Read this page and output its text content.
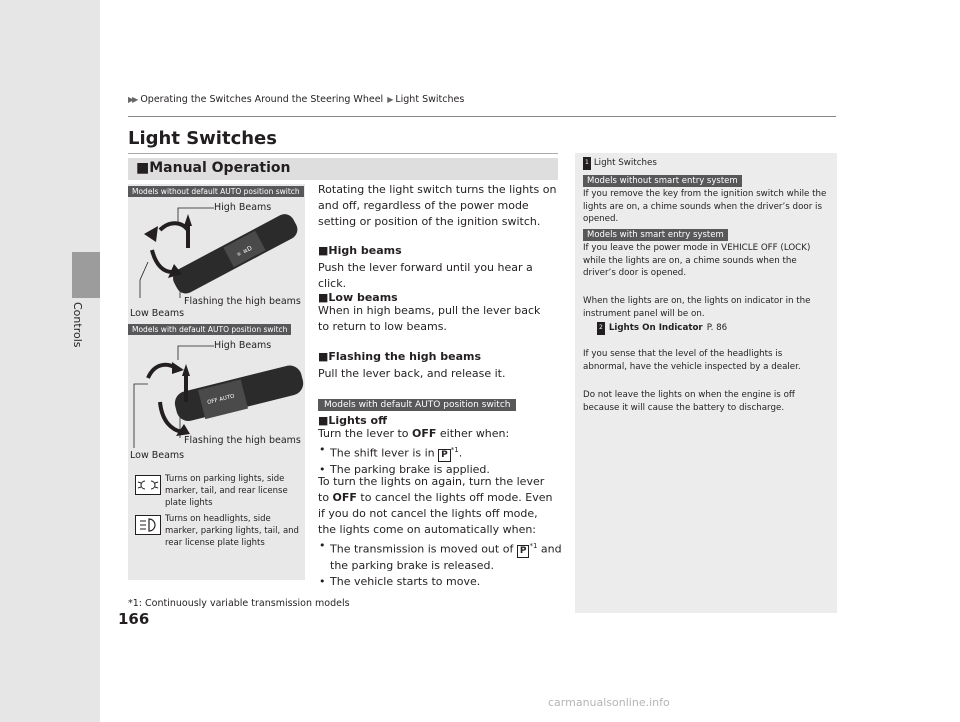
Controls
166
▶▶ Operating the Switches Around the Steering Wheel ▶ Light Switches
Light Switches
■Manual Operation
Models without default AUTO position switch
Models with default AUTO position switch
☼ ≡D
High Beams
Flashing the high beams
Low Beams
OFF AUTO
High Beams
Flashing the high beams
Low Beams
Turns on parking lights, side marker, tail, and rear license plate lights
Turns on headlights, side marker, parking lights, tail, and rear license plate lights
Rotating the light switch turns the lights on and off, regardless of the power mode setting or position of the ignition switch.
■High beams
Push the lever forward until you hear a click.
■Low beams
When in high beams, pull the lever back to return to low beams.
■Flashing the high beams
Pull the lever back, and release it.
Models with default AUTO position switch
■Lights off
Turn the lever to OFF either when:
• The shift lever is in P $^{*1}$.
• The parking brake is applied.
To turn the lights on again, turn the lever to OFF to cancel the lights off mode. Even if you do not cancel the lights off mode, the lights come on automatically when:
• The transmission is moved out of P $^{*1}$ and the parking brake is released.
• The vehicle starts to move.
*1: Continuously variable transmission models
1 Light Switches
Models without smart entry system
If you remove the key from the ignition switch while the lights are on, a chime sounds when the driver’s door is opened.
Models with smart entry system
If you leave the power mode in VEHICLE OFF (LOCK) while the lights are on, a chime sounds when the driver’s door is opened.
When the lights are on, the lights on indicator in the instrument panel will be on.
2 Lights On Indicator P. 86
If you sense that the level of the headlights is abnormal, have the vehicle inspected by a dealer.
Do not leave the lights on when the engine is off because it will cause the battery to discharge.
carmanualsonline.info
